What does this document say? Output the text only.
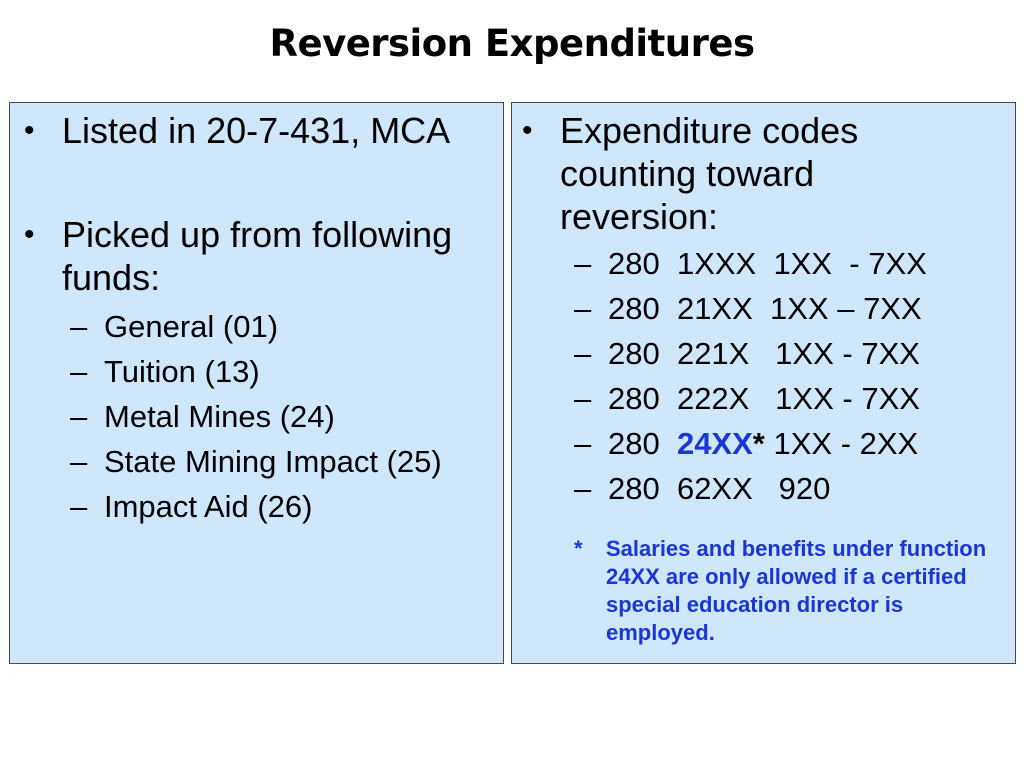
Reversion Expenditures
• Listed in 20-7-431, MCA
• Picked up from following funds:
– General (01)
– Tuition (13)
– Metal Mines (24)
– State Mining Impact (25)
– Impact Aid (26)
• Expenditure codes counting toward reversion:
– 280  1XXX  1XX  - 7XX
– 280  21XX  1XX – 7XX
– 280  221X   1XX - 7XX
– 280  222X   1XX - 7XX
– 280  24XX* 1XX - 2XX
– 280  62XX   920
*	Salaries and benefits under function 24XX are only allowed if a certified special education director is employed.
